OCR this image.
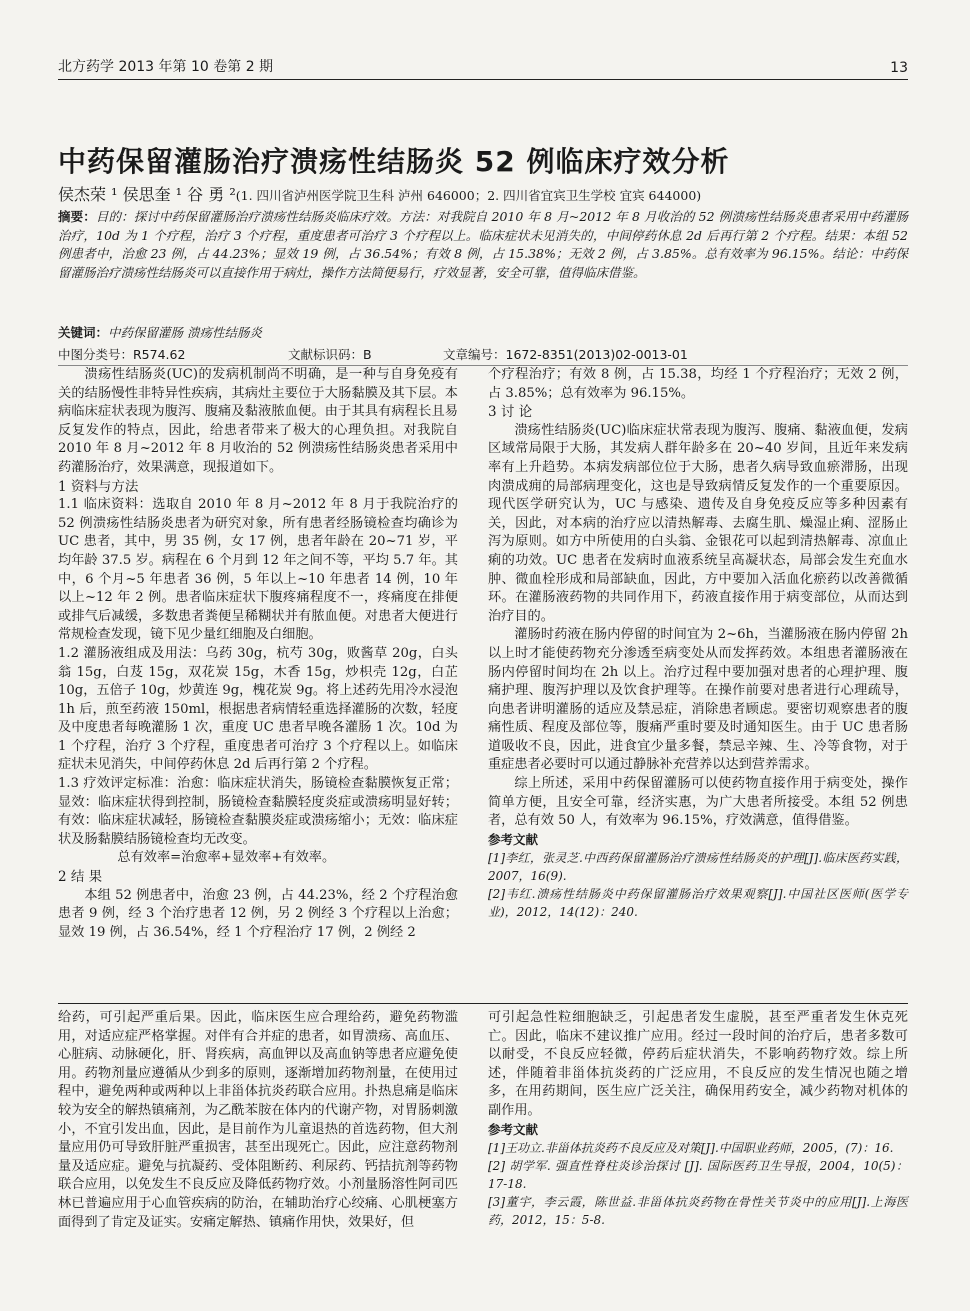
北方药学 2013 年第 10 卷第 2 期	13
中药保留灌肠治疗溃疡性结肠炎 52 例临床疗效分析
侯杰荣 ¹ 侯思奎 ¹ 谷 勇 ²(1. 四川省泸州医学院卫生科 泸州 646000；2. 四川省宜宾卫生学校 宜宾 644000)
摘要：目的：探讨中药保留灌肠治疗溃疡性结肠炎临床疗效。方法：对我院自 2010 年 8 月~2012 年 8 月收治的 52 例溃疡性结肠炎患者采用中药灌肠治疗，10d 为 1 个疗程，治疗 3 个疗程，重度患者可治疗 3 个疗程以上。临床症状未见消失的，中间停药休息 2d 后再行第 2 个疗程。结果：本组 52 例患者中，治愈 23 例，占 44.23%；显效 19 例，占 36.54%；有效 8 例，占 15.38%；无效 2 例，占 3.85%。总有效率为 96.15%。结论：中药保留灌肠治疗溃疡性结肠炎可以直接作用于病灶，操作方法简便易行，疗效显著，安全可靠，值得临床借鉴。
关键词：中药保留灌肠 溃疡性结肠炎
中图分类号：R574.62	文献标识码：B	文章编号：1672-8351(2013)02-0013-01

溃疡性结肠炎(UC)的发病机制尚不明确，是一种与自身免疫有关的结肠慢性非特异性疾病，其病灶主要位于大肠黏膜及其下层。本病临床症状表现为腹泻、腹痛及黏液脓血便。由于其具有病程长且易反复发作的特点，因此，给患者带来了极大的心理负担。对我院自 2010 年 8 月~2012 年 8 月收治的 52 例溃疡性结肠炎患者采用中药灌肠治疗，效果满意，现报道如下。

1 资料与方法

1.1 临床资料：选取自 2010 年 8 月~2012 年 8 月于我院治疗的 52 例溃疡性结肠炎患者为研究对象，所有患者经肠镜检查均确诊为 UC 患者，其中，男 35 例，女 17 例，患者年龄在 20~71 岁，平均年龄 37.5 岁。病程在 6 个月到 12 年之间不等，平均 5.7 年。其中，6 个月~5 年患者 36 例，5 年以上~10 年患者 14 例，10 年以上~12 年 2 例。患者临床症状下腹疼痛程度不一，疼痛度在排便或排气后减缓，多数患者粪便呈稀糊状并有脓血便。对患者大便进行常规检查发现，镜下见少量红细胞及白细胞。

1.2 灌肠液组成及用法：乌药 30g，杭芍 30g，败酱草 20g，白头翁 15g，白芨 15g，双花炭 15g，木香 15g，炒枳壳 12g，白芷 10g，五倍子 10g，炒黄连 9g，槐花炭 9g。将上述药先用冷水浸泡 1h 后，煎至药液 150ml，根据患者病情轻重选择灌肠的次数，轻度及中度患者每晚灌肠 1 次，重度 UC 患者早晚各灌肠 1 次。10d 为 1 个疗程，治疗 3 个疗程，重度患者可治疗 3 个疗程以上。如临床症状未见消失，中间停药休息 2d 后再行第 2 个疗程。

1.3 疗效评定标准：治愈：临床症状消失，肠镜检查黏膜恢复正常；显效：临床症状得到控制，肠镜检查黏膜轻度炎症或溃疡明显好转；有效：临床症状减轻，肠镜检查黏膜炎症或溃疡缩小；无效：临床症状及肠黏膜结肠镜检查均无改变。

总有效率=治愈率+显效率+有效率。

2 结 果

本组 52 例患者中，治愈 23 例，占 44.23%，经 2 个疗程治愈患者 9 例，经 3 个治疗患者 12 例，另 2 例经 3 个疗程以上治愈；显效 19 例，占 36.54%，经 1 个疗程治疗 17 例，2 例经 2

个疗程治疗；有效 8 例，占 15.38，均经 1 个疗程治疗；无效 2 例，占 3.85%；总有效率为 96.15%。

3 讨 论

溃疡性结肠炎(UC)临床症状常表现为腹泻、腹痛、黏液血便，发病区域常局限于大肠，其发病人群年龄多在 20~40 岁间，且近年来发病率有上升趋势。本病发病部位位于大肠，患者久病导致血瘀滞肠，出现肉溃成痈的局部病理变化，这也是导致病情反复发作的一个重要原因。现代医学研究认为，UC 与感染、遗传及自身免疫反应等多种因素有关，因此，对本病的治疗应以清热解毒、去腐生肌、燥湿止痢、涩肠止泻为原则。如方中所使用的白头翁、金银花可以起到清热解毒、凉血止痢的功效。UC 患者在发病时血液系统呈高凝状态，局部会发生充血水肿、微血栓形成和局部缺血，因此，方中要加入活血化瘀药以改善微循环。在灌肠液药物的共同作用下，药液直接作用于病变部位，从而达到治疗目的。

灌肠时药液在肠内停留的时间宜为 2~6h，当灌肠液在肠内停留 2h 以上时才能使药物充分渗透至病变处从而发挥药效。本组患者灌肠液在肠内停留时间均在 2h 以上。治疗过程中要加强对患者的心理护理、腹痛护理、腹泻护理以及饮食护理等。在操作前要对患者进行心理疏导，向患者讲明灌肠的适应及禁忌症，消除患者顾虑。要密切观察患者的腹痛性质、程度及部位等，腹痛严重时要及时通知医生。由于 UC 患者肠道吸收不良，因此，进食宜少量多餐，禁忌辛辣、生、冷等食物，对于重症患者必要时可以通过静脉补充营养以达到营养需求。

综上所述，采用中药保留灌肠可以使药物直接作用于病变处，操作简单方便，且安全可靠，经济实惠，为广大患者所接受。本组 52 例患者，总有效 50 人，有效率为 96.15%，疗效满意，值得借鉴。

参考文献

[1]李红，张灵芝.中西药保留灌肠治疗溃疡性结肠炎的护理[J].临床医药实践，2007，16(9).

[2]韦红.溃疡性结肠炎中药保留灌肠治疗效果观察[J].中国社区医师(医学专业)，2012，14(12)：240.

给药，可引起严重后果。因此，临床医生应合理给药，避免药物滥用，对适应症严格掌握。对伴有合并症的患者，如胃溃疡、高血压、心脏病、动脉硬化，肝、肾疾病，高血钾以及高血钠等患者应避免使用。药物剂量应遵循从少到多的原则，逐渐增加药物剂量，在使用过程中，避免两种或两种以上非甾体抗炎药联合应用。扑热息痛是临床较为安全的解热镇痛剂，为乙酰苯胺在体内的代谢产物，对胃肠刺激小，不宜引发出血，因此，是目前作为儿童退热的首选药物，但大剂量应用仍可导致肝脏严重损害，甚至出现死亡。因此，应注意药物剂量及适应症。避免与抗凝药、受体阻断药、利尿药、钙拮抗剂等药物联合应用，以免发生不良反应及降低药物疗效。小剂量肠溶性阿司匹林已普遍应用于心血管疾病的防治，在辅助治疗心绞痛、心肌梗塞方面得到了肯定及证实。安痛定解热、镇痛作用快，效果好，但

可引起急性粒细胞缺乏，引起患者发生虚脱，甚至严重者发生休克死亡。因此，临床不建议推广应用。经过一段时间的治疗后，患者多数可以耐受，不良反应轻微，停药后症状消失，不影响药物疗效。综上所述，伴随着非甾体抗炎药的广泛应用，不良反应的发生情况也随之增多，在用药期间，医生应广泛关注，确保用药安全，减少药物对机体的副作用。

参考文献

[1]王功立.非甾体抗炎药不良反应及对策[J].中国职业药师，2005，(7)：16.

[2] 胡学军. 强直性脊柱炎诊治探讨 [J]. 国际医药卫生导报，2004，10(5)：17-18.

[3]董宇，李云霞，陈世益.非甾体抗炎药物在骨性关节炎中的应用[J].上海医药，2012，15：5-8.
